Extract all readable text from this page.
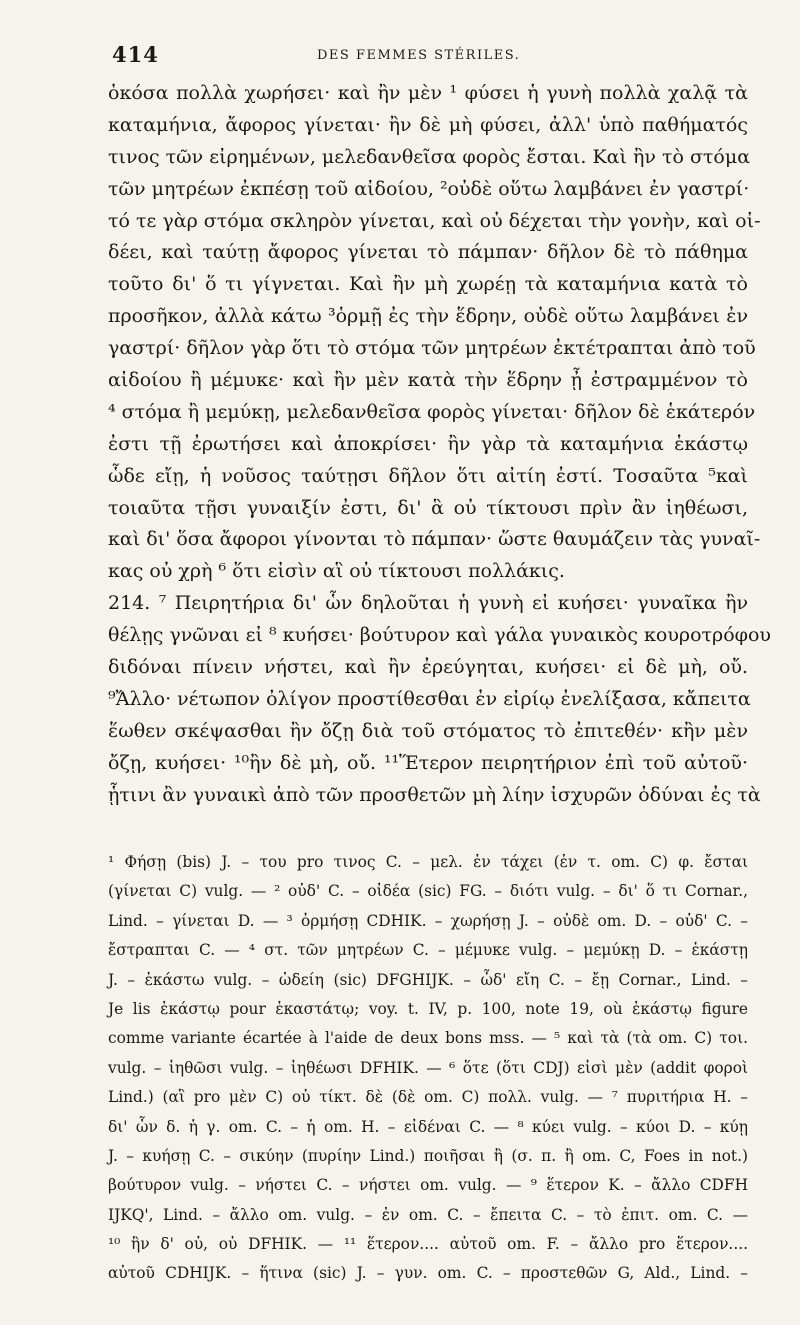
414	DES FEMMES STÉRILES.
ὁκόσα πολλὰ χωρήσει· καὶ ἢν μὲν ¹ φύσει ἡ γυνὴ πολλὰ χαλᾷ τὰ
καταμήνια, ἄφορος γίνεται· ἢν δὲ μὴ φύσει, ἀλλ' ὑπὸ παθήματός
τινος τῶν εἰρημένων, μελεδανθεῖσα φορὸς ἔσται. Καὶ ἢν τὸ στόμα
τῶν μητρέων ἐκπέσῃ τοῦ αἰδοίου, ²οὐδὲ οὕτω λαμβάνει ἐν γαστρί·
τό τε γὰρ στόμα σκληρὸν γίνεται, καὶ οὐ δέχεται τὴν γονὴν, καὶ οἰ-
δέει, καὶ ταύτῃ ἄφορος γίνεται τὸ πάμπαν· δῆλον δὲ τὸ πάθημα
τοῦτο δι' ὅ τι γίγνεται. Καὶ ἢν μὴ χωρέῃ τὰ καταμήνια κατὰ τὸ
προσῆκον, ἀλλὰ κάτω ³ὁρμῇ ἐς τὴν ἕδρην, οὐδὲ οὕτω λαμβάνει ἐν
γαστρί· δῆλον γὰρ ὅτι τὸ στόμα τῶν μητρέων ἐκτέτραπται ἀπὸ τοῦ
αἰδοίου ἢ μέμυκε· καὶ ἢν μὲν κατὰ τὴν ἕδρην ᾖ ἐστραμμένον τὸ
⁴ στόμα ἢ μεμύκῃ, μελεδανθεῖσα φορὸς γίνεται· δῆλον δὲ ἑκάτερόν
ἐστι τῇ ἐρωτήσει καὶ ἀποκρίσει· ἢν γὰρ τὰ καταμήνια ἑκάστῳ
ὧδε εἴῃ, ἡ νοῦσος ταύτῃσι δῆλον ὅτι αἰτίη ἐστί. Τοσαῦτα ⁵καὶ
τοιαῦτα τῇσι γυναιξίν ἐστι, δι' ἃ οὐ τίκτουσι πρὶν ἂν ἰηθέωσι,
καὶ δι' ὅσα ἄφοροι γίνονται τὸ πάμπαν· ὥστε θαυμάζειν τὰς γυναῖ-
κας οὐ χρὴ ⁶ ὅτι εἰσὶν αἳ οὐ τίκτουσι πολλάκις.
214. ⁷ Πειρητήρια δι' ὧν δηλοῦται ἡ γυνὴ εἰ κυήσει· γυναῖκα ἢν
θέλῃς γνῶναι εἰ ⁸ κυήσει· βούτυρον καὶ γάλα γυναικὸς κουροτρόφου
διδόναι πίνειν νήστει, καὶ ἢν ἐρεύγηται, κυήσει· εἰ δὲ μὴ, οὔ.
⁹Ἄλλο· νέτωπον ὀλίγον προστίθεσθαι ἐν εἰρίῳ ἐνελίξασα, κἄπειτα
ἕωθεν σκέψασθαι ἢν ὄζῃ διὰ τοῦ στόματος τὸ ἐπιτεθέν· κἢν μὲν
ὄζῃ, κυήσει· ¹⁰ἢν δὲ μὴ, οὔ. ¹¹Ἕτερον πειρητήριον ἐπὶ τοῦ αὐτοῦ·
ᾗτινι ἂν γυναικὶ ἀπὸ τῶν προσθετῶν μὴ λίην ἰσχυρῶν ὀδύναι ἐς τὰ
¹ Φήσῃ (bis) J. – του pro τινος C. – μελ. ἐν τάχει (ἐν τ. om. C) φ. ἔσται
(γίνεται C) vulg. — ² οὐδ' C. – οἰδέα (sic) FG. – διότι vulg. – δι' ὅ τι Cornar.,
Lind. – γίνεται D. — ³ ὁρμήσῃ CDHIK. – χωρήσῃ J. – οὐδὲ om. D. – οὐδ' C. –
ἔστραπται C. — ⁴ στ. τῶν μητρέων C. – μέμυκε vulg. – μεμύκῃ D. – ἑκάστῃ
J. – ἑκάστω vulg. – ὡδείη (sic) DFGHIJK. – ὧδ' εἴη C. – ἔῃ Cornar., Lind. –
Je lis ἑκάστῳ pour ἑκαστάτῳ; voy. t. IV, p. 100, note 19, où ἑκάστῳ figure
comme variante écartée à l'aide de deux bons mss. — ⁵ καὶ τὰ (τὰ om. C) τοι.
vulg. – ἰηθῶσι vulg. – ἰηθέωσι DFHIK. — ⁶ ὅτε (ὅτι CDJ) εἰσὶ μὲν (addit φοροὶ
Lind.) (αἳ pro μὲν C) οὐ τίκτ. δὲ (δὲ om. C) πολλ. vulg. — ⁷ πυριτήρια H. –
δι' ὧν δ. ἡ γ. om. C. – ἡ om. H. – εἰδέναι C. — ⁸ κύει vulg. – κύοι D. – κύῃ
J. – κυήσῃ C. – σικύην (πυρίην Lind.) ποιῆσαι ἢ (σ. π. ἢ om. C, Foes in not.)
βούτυρον vulg. – νήστει C. – νήστει om. vulg. — ⁹ ἕτερον K. – ἄλλο CDFH
IJKQ', Lind. – ἄλλο om. vulg. – ἐν om. C. – ἔπειτα C. – τὸ ἐπιτ. om. C. —
¹⁰ ἢν δ' οὐ, οὐ DFHIK. — ¹¹ ἕτερον.... αὐτοῦ om. F. – ἄλλο pro ἕτερον....
αὐτοῦ CDHIJK. – ἥτινα (sic) J. – γυν. om. C. – προστεθῶν G, Ald., Lind. –
